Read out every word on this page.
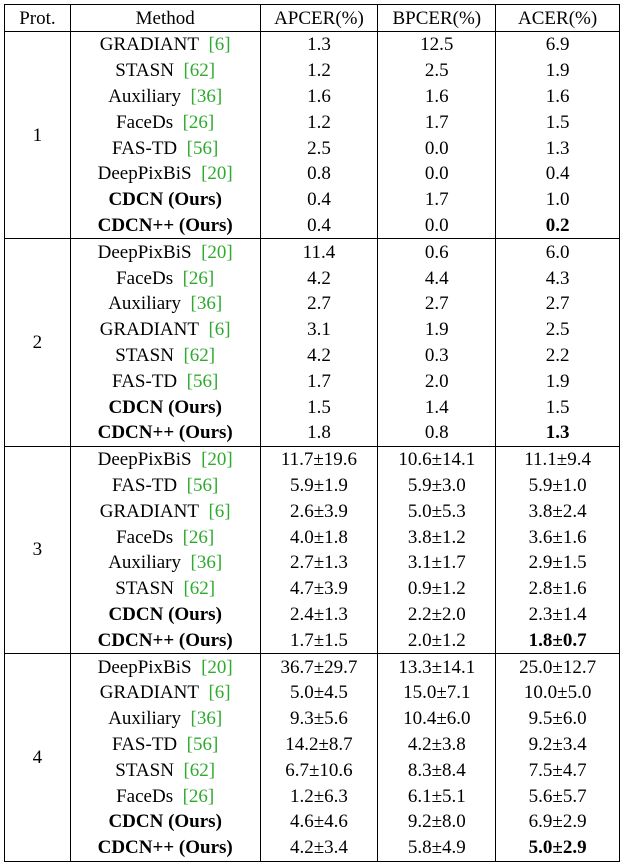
Prot.	Method	APCER(%)	BPCER(%)	ACER(%)
1	GRADIANT [6]	1.3	12.5	6.9
	STASN [62]	1.2	2.5	1.9
	Auxiliary [36]	1.6	1.6	1.6
	FaceDs [26]	1.2	1.7	1.5
	FAS-TD [56]	2.5	0.0	1.3
	DeepPixBiS [20]	0.8	0.0	0.4
	CDCN (Ours)	0.4	1.7	1.0
	CDCN++ (Ours)	0.4	0.0	0.2
2	DeepPixBiS [20]	11.4	0.6	6.0
	FaceDs [26]	4.2	4.4	4.3
	Auxiliary [36]	2.7	2.7	2.7
	GRADIANT [6]	3.1	1.9	2.5
	STASN [62]	4.2	0.3	2.2
	FAS-TD [56]	1.7	2.0	1.9
	CDCN (Ours)	1.5	1.4	1.5
	CDCN++ (Ours)	1.8	0.8	1.3
3	DeepPixBiS [20]	11.7±19.6	10.6±14.1	11.1±9.4
	FAS-TD [56]	5.9±1.9	5.9±3.0	5.9±1.0
	GRADIANT [6]	2.6±3.9	5.0±5.3	3.8±2.4
	FaceDs [26]	4.0±1.8	3.8±1.2	3.6±1.6
	Auxiliary [36]	2.7±1.3	3.1±1.7	2.9±1.5
	STASN [62]	4.7±3.9	0.9±1.2	2.8±1.6
	CDCN (Ours)	2.4±1.3	2.2±2.0	2.3±1.4
	CDCN++ (Ours)	1.7±1.5	2.0±1.2	1.8±0.7
4	DeepPixBiS [20]	36.7±29.7	13.3±14.1	25.0±12.7
	GRADIANT [6]	5.0±4.5	15.0±7.1	10.0±5.0
	Auxiliary [36]	9.3±5.6	10.4±6.0	9.5±6.0
	FAS-TD [56]	14.2±8.7	4.2±3.8	9.2±3.4
	STASN [62]	6.7±10.6	8.3±8.4	7.5±4.7
	FaceDs [26]	1.2±6.3	6.1±5.1	5.6±5.7
	CDCN (Ours)	4.6±4.6	9.2±8.0	6.9±2.9
	CDCN++ (Ours)	4.2±3.4	5.8±4.9	5.0±2.9
